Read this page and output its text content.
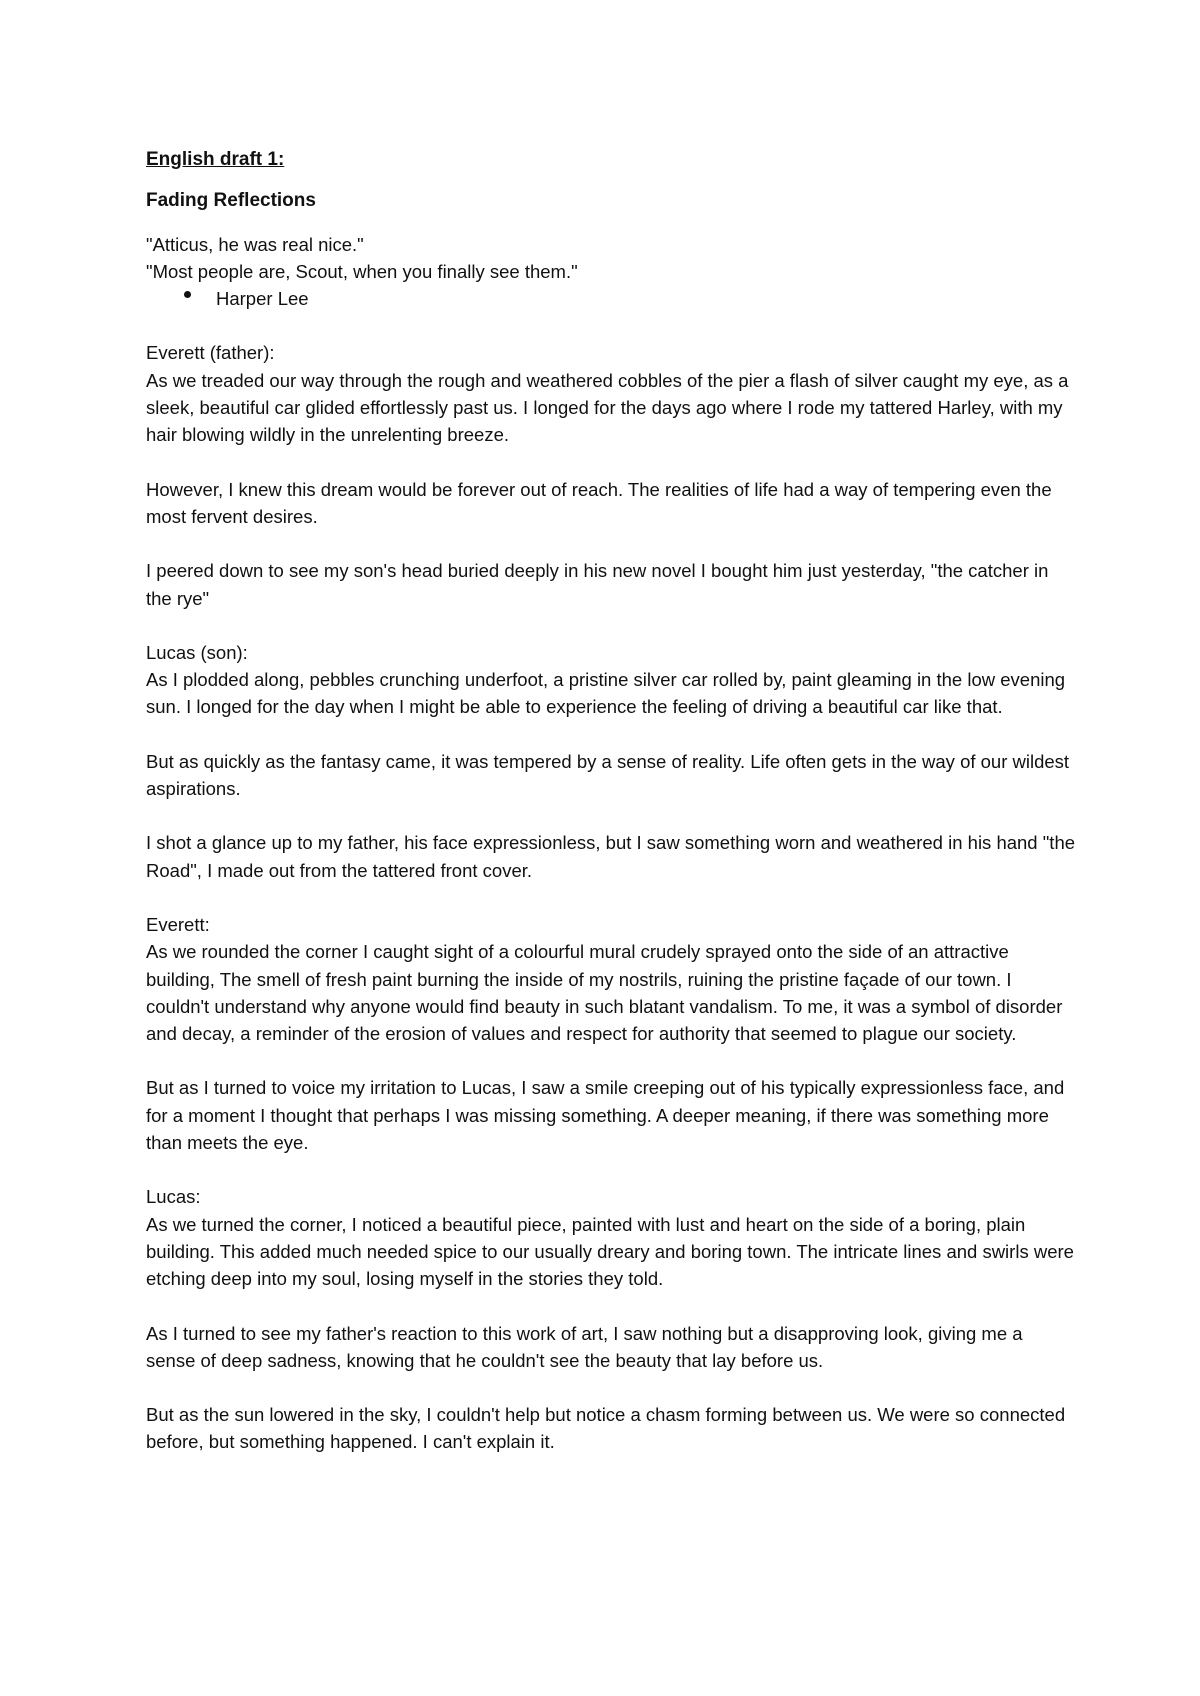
English draft 1:

Fading Reflections

"Atticus, he was real nice."

"Most people are, Scout, when you finally see them."

Harper Lee

Everett (father):

As we treaded our way through the rough and weathered cobbles of the pier a flash of silver caught my eye, as a sleek, beautiful car glided effortlessly past us. I longed for the days ago where I rode my tattered Harley, with my hair blowing wildly in the unrelenting breeze.

However, I knew this dream would be forever out of reach. The realities of life had a way of tempering even the most fervent desires.

I peered down to see my son's head buried deeply in his new novel I bought him just yesterday, "the catcher in the rye"

Lucas (son):

As I plodded along, pebbles crunching underfoot, a pristine silver car rolled by, paint gleaming in the low evening sun. I longed for the day when I might be able to experience the feeling of driving a beautiful car like that.

But as quickly as the fantasy came, it was tempered by a sense of reality. Life often gets in the way of our wildest aspirations.

I shot a glance up to my father, his face expressionless, but I saw something worn and weathered in his hand "the Road", I made out from the tattered front cover.

Everett:

As we rounded the corner I caught sight of a colourful mural crudely sprayed onto the side of an attractive building, The smell of fresh paint burning the inside of my nostrils, ruining the pristine façade of our town. I couldn't understand why anyone would find beauty in such blatant vandalism. To me, it was a symbol of disorder and decay, a reminder of the erosion of values and respect for authority that seemed to plague our society.

But as I turned to voice my irritation to Lucas, I saw a smile creeping out of his typically expressionless face, and for a moment I thought that perhaps I was missing something. A deeper meaning, if there was something more than meets the eye.

Lucas:

As we turned the corner, I noticed a beautiful piece, painted with lust and heart on the side of a boring, plain building. This added much needed spice to our usually dreary and boring town. The intricate lines and swirls were etching deep into my soul, losing myself in the stories they told.

As I turned to see my father's reaction to this work of art, I saw nothing but a disapproving look, giving me a sense of deep sadness, knowing that he couldn't see the beauty that lay before us.

But as the sun lowered in the sky, I couldn't help but notice a chasm forming between us. We were so connected before, but something happened. I can't explain it.
